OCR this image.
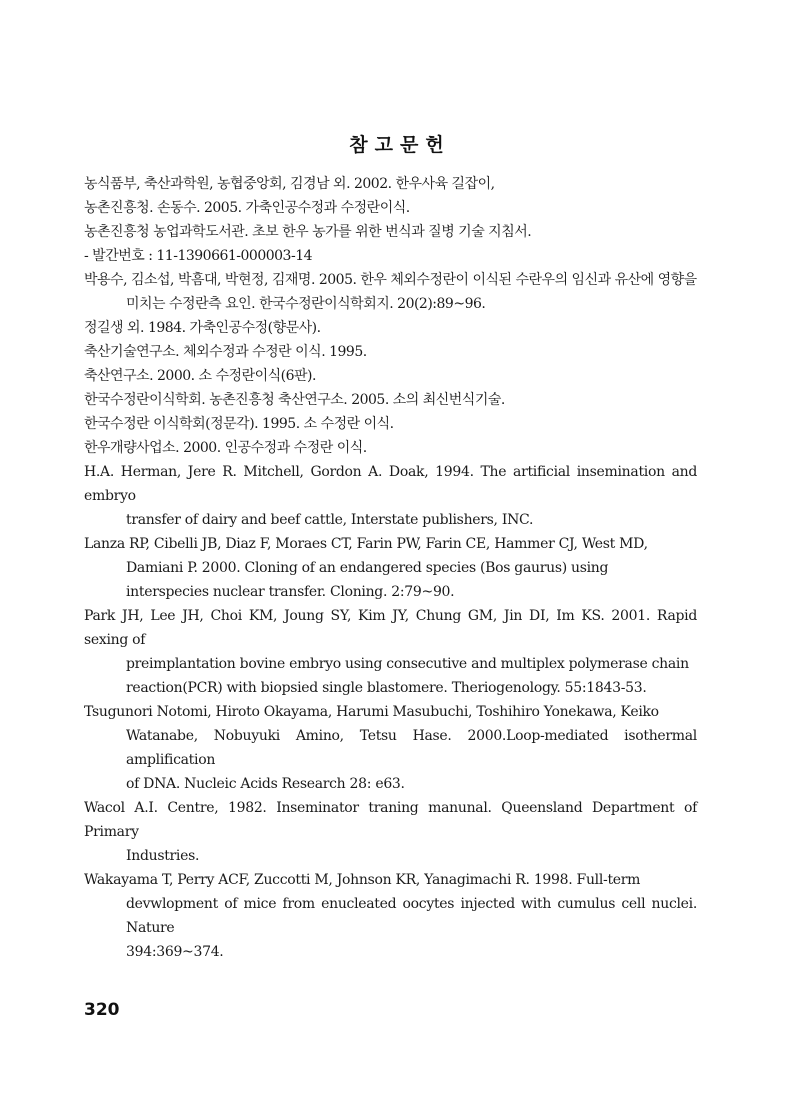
참고문헌

농식품부, 축산과학원, 농협중앙회, 김경남 외. 2002. 한우사육 길잡이,

농촌진흥청. 손동수. 2005. 가축인공수정과 수정란이식.

농촌진흥청 농업과학도서관. 초보 한우 농가를 위한 번식과 질병 기술 지침서.

- 발간번호 : 11-1390661-000003-14

박용수, 김소섭, 박흠대, 박현정, 김재명. 2005. 한우 체외수정란이 이식된 수란우의 임신과 유산에 영향을
미치는 수정란측 요인. 한국수정란이식학회지. 20(2):89~96.

정길생 외. 1984. 가축인공수정(향문사).

축산기술연구소. 체외수정과 수정란 이식. 1995.

축산연구소. 2000. 소 수정란이식(6판).

한국수정란이식학회. 농촌진흥청 축산연구소. 2005. 소의 최신번식기술.

한국수정란 이식학회(정문각). 1995. 소 수정란 이식.

한우개량사업소. 2000. 인공수정과 수정란 이식.

H.A. Herman, Jere R. Mitchell, Gordon A. Doak, 1994. The artificial insemination and embryo
transfer of dairy and beef cattle, Interstate publishers, INC.

Lanza RP, Cibelli JB, Diaz F, Moraes CT, Farin PW, Farin CE, Hammer CJ, West MD,
Damiani P. 2000. Cloning of an endangered species (Bos gaurus) using
interspecies nuclear transfer. Cloning. 2:79~90.

Park JH, Lee JH, Choi KM, Joung SY, Kim JY, Chung GM, Jin DI, Im KS. 2001. Rapid sexing of
preimplantation bovine embryo using consecutive and multiplex polymerase chain
reaction(PCR) with biopsied single blastomere. Theriogenology. 55:1843-53.

Tsugunori Notomi, Hiroto Okayama, Harumi Masubuchi, Toshihiro Yonekawa, Keiko
Watanabe, Nobuyuki Amino, Tetsu Hase. 2000.Loop-mediated isothermal amplification
of DNA. Nucleic Acids Research 28: e63.

Wacol A.I. Centre, 1982. Inseminator traning manunal. Queensland Department of Primary
Industries.

Wakayama T, Perry ACF, Zuccotti M, Johnson KR, Yanagimachi R. 1998. Full-term
devwlopment of mice from enucleated oocytes injected with cumulus cell nuclei. Nature
394:369~374.

320
